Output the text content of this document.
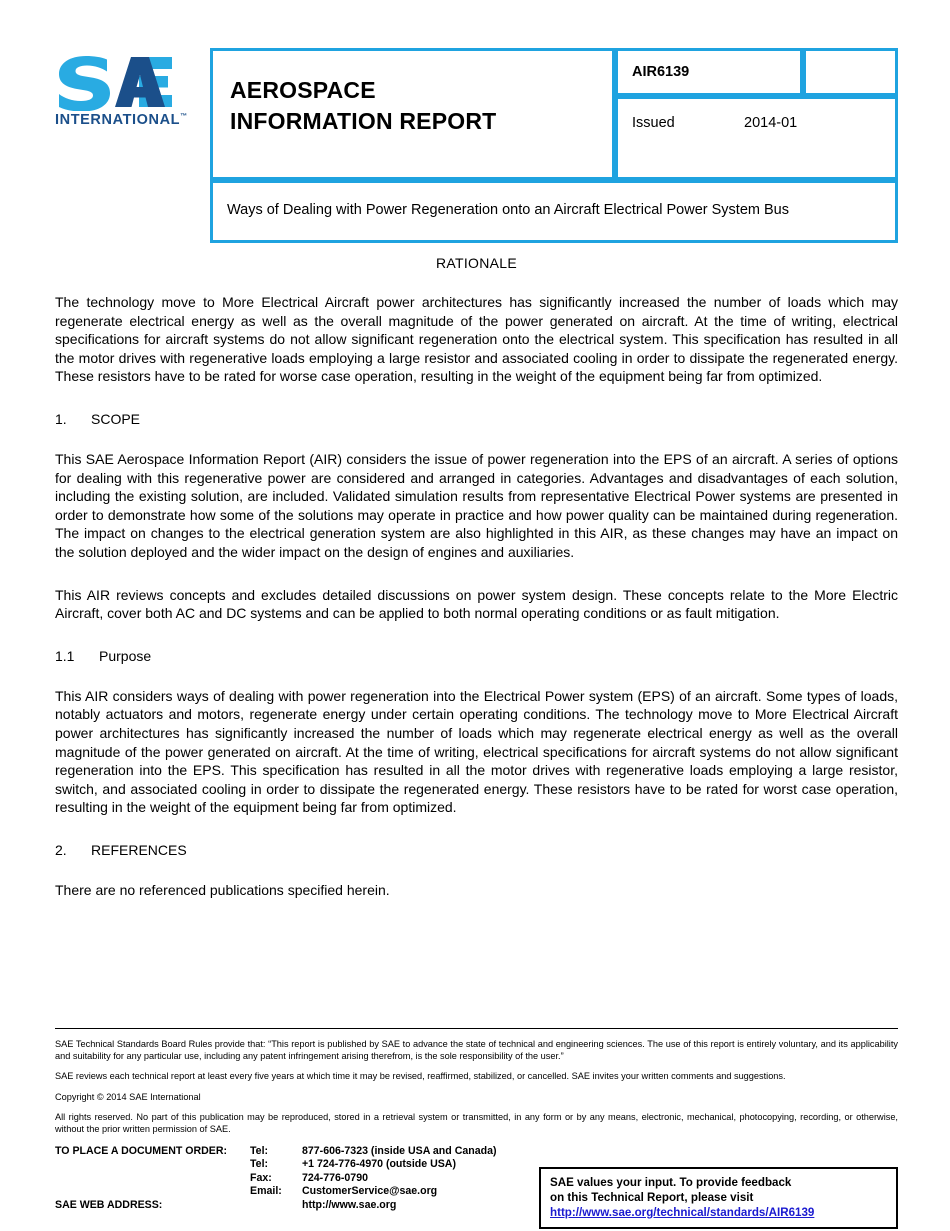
INTERNATIONAL™
AEROSPACE
INFORMATION REPORT
AIR6139
Issued	2014-01
Ways of Dealing with Power Regeneration onto an Aircraft Electrical Power System Bus
RATIONALE

The technology move to More Electrical Aircraft power architectures has significantly increased the number of loads which may regenerate electrical energy as well as the overall magnitude of the power generated on aircraft. At the time of writing, electrical specifications for aircraft systems do not allow significant regeneration onto the electrical system. This specification has resulted in all the motor drives with regenerative loads employing a large resistor and associated cooling in order to dissipate the regenerated energy. These resistors have to be rated for worse case operation, resulting in the weight of the equipment being far from optimized.

1. SCOPE

This SAE Aerospace Information Report (AIR) considers the issue of power regeneration into the EPS of an aircraft. A series of options for dealing with this regenerative power are considered and arranged in categories. Advantages and disadvantages of each solution, including the existing solution, are included. Validated simulation results from representative Electrical Power systems are presented in order to demonstrate how some of the solutions may operate in practice and how power quality can be maintained during regeneration. The impact on changes to the electrical generation system are also highlighted in this AIR, as these changes may have an impact on the solution deployed and the wider impact on the design of engines and auxiliaries.

This AIR reviews concepts and excludes detailed discussions on power system design. These concepts relate to the More Electric Aircraft, cover both AC and DC systems and can be applied to both normal operating conditions or as fault mitigation.

1.1 Purpose

This AIR considers ways of dealing with power regeneration into the Electrical Power system (EPS) of an aircraft. Some types of loads, notably actuators and motors, regenerate energy under certain operating conditions. The technology move to More Electrical Aircraft power architectures has significantly increased the number of loads which may regenerate electrical energy as well as the overall magnitude of the power generated on aircraft. At the time of writing, electrical specifications for aircraft systems do not allow significant regeneration into the EPS. This specification has resulted in all the motor drives with regenerative loads employing a large resistor, switch, and associated cooling in order to dissipate the regenerated energy. These resistors have to be rated for worst case operation, resulting in the weight of the equipment being far from optimized.

2. REFERENCES

There are no referenced publications specified herein.

SAE Technical Standards Board Rules provide that: “This report is published by SAE to advance the state of technical and engineering sciences. The use of this report is entirely voluntary, and its applicability and suitability for any particular use, including any patent infringement arising therefrom, is the sole responsibility of the user.”
SAE reviews each technical report at least every five years at which time it may be revised, reaffirmed, stabilized, or cancelled. SAE invites your written comments and suggestions.
Copyright © 2014 SAE International
All rights reserved. No part of this publication may be reproduced, stored in a retrieval system or transmitted, in any form or by any means, electronic, mechanical, photocopying, recording, or otherwise, without the prior written permission of SAE.
TO PLACE A DOCUMENT ORDER:	Tel:	877-606-7323 (inside USA and Canada)
	Tel:	+1 724-776-4970 (outside USA)
	Fax:	724-776-0790
	Email:	CustomerService@sae.org
SAE WEB ADDRESS:		http://www.sae.org
SAE values your input. To provide feedback
on this Technical Report, please visit
http://www.sae.org/technical/standards/AIR6139
